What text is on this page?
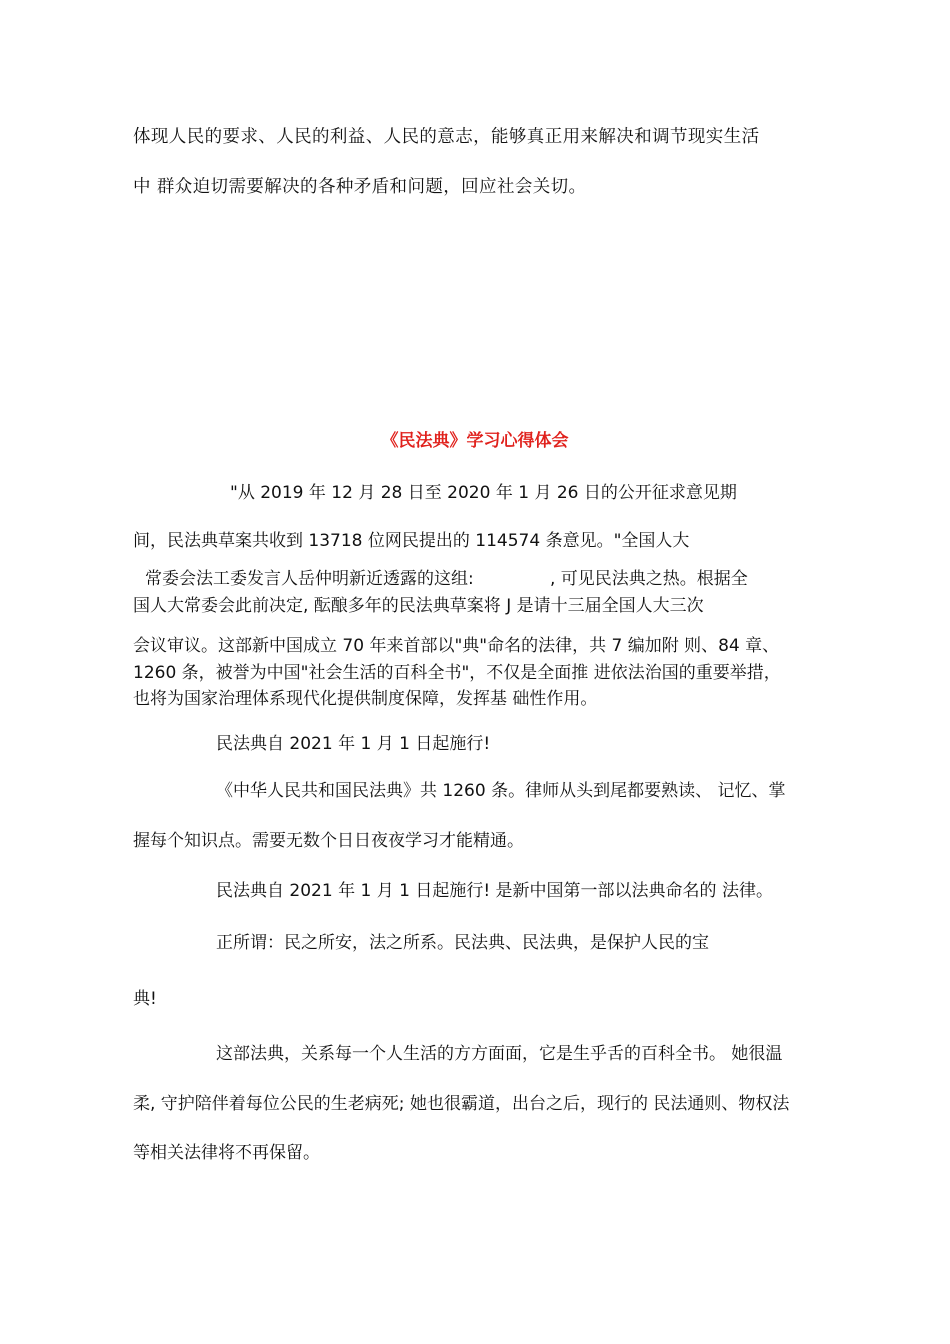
体现人民的要求、人民的利益、人民的意志，能够真正用来解决和调节现实生活

中 群众迫切需要解决的各种矛盾和问题，回应社会关切。

《民法典》学习心得体会

"从 2019 年 12 月 28 日至 2020 年 1 月 26 日的公开征求意见期

间，民法典草案共收到 13718 位网民提出的 114574 条意见。"全国人大

常委会法工委发言人岳仲明新近透露的这组:	, 可见民法典之热。根据全

国人大常委会此前决定, 酝酿多年的民法典草案将 J 是请十三届全国人大三次

会议审议。这部新中国成立 70 年来首部以"典"命名的法律，共 7 编加附 则、84 章、

1260 条，被誉为中国"社会生活的百科全书"，不仅是全面推 进依法治国的重要举措，

也将为国家治理体系现代化提供制度保障，发挥基 础性作用。

民法典自 2021 年 1 月 1 日起施行!

《中华人民共和国民法典》共 1260 条。律师从头到尾都要熟读、 记忆、掌

握每个知识点。需要无数个日日夜夜学习才能精通。

民法典自 2021 年 1 月 1 日起施行! 是新中国第一部以法典命名的 法律。

正所谓：民之所安，法之所系。民法典、民法典，是保护人民的宝

典!

这部法典，关系每一个人生活的方方面面，它是生乎舌的百科全书。 她很温

柔, 守护陪伴着每位公民的生老病死; 她也很霸道，出台之后，现行的 民法通则、物权法

等相关法律将不再保留。
